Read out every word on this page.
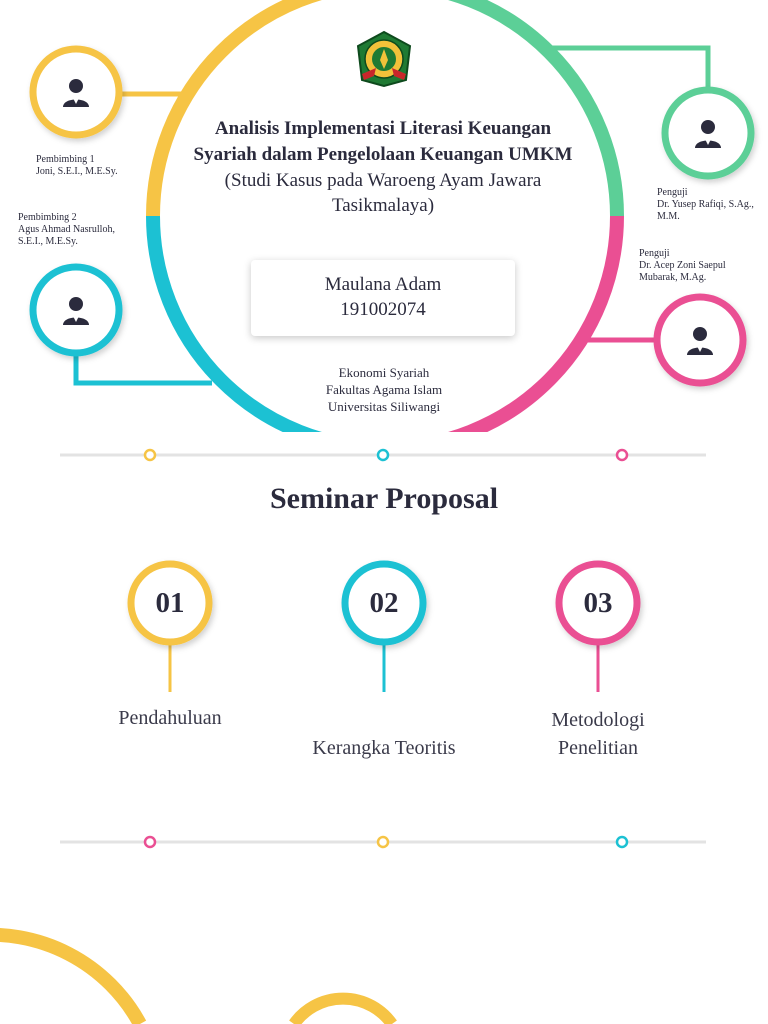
Analisis Implementasi Literasi Keuangan Syariah dalam Pengelolaan Keuangan UMKM

(Studi Kasus pada Waroeng Ayam Jawara Tasikmalaya)

Maulana Adam
191002074
Ekonomi Syariah
Fakultas Agama Islam
Universitas Siliwangi
Pembimbing 1
Joni, S.E.I., M.E.Sy.
Pembimbing 2
Agus Ahmad Nasrulloh, S.E.I., M.E.Sy.
Penguji
Dr. Yusep Rafiqi, S.Ag., M.M.
Penguji
Dr. Acep Zoni Saepul Mubarak, M.Ag.
Seminar Proposal
01	02	03
Pendahuluan
Kerangka Teoritis
Metodologi Penelitian
